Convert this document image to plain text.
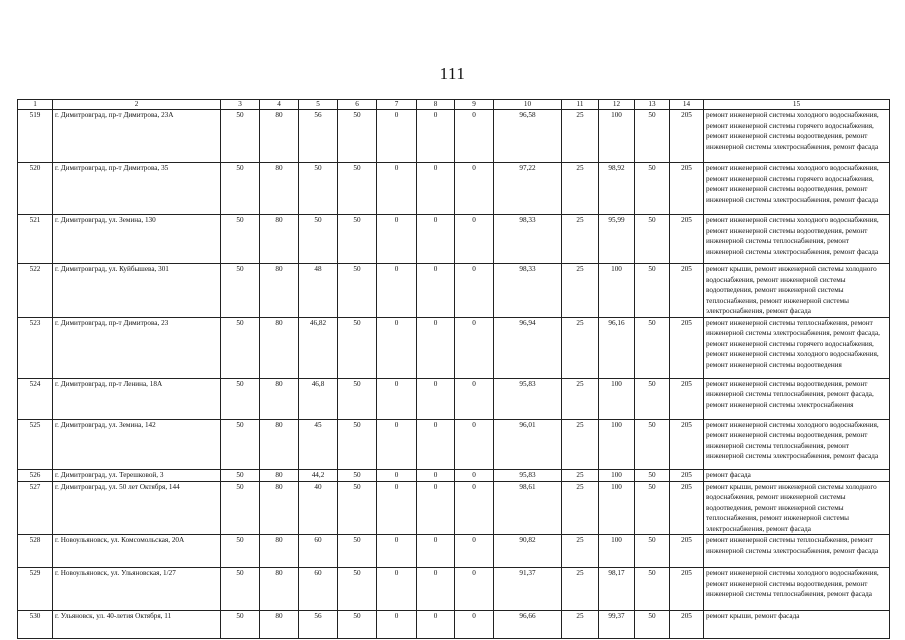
111
1	2	3	4	5	6	7	8	9	10	11	12	13	14	15
519	г. Димитровград, пр-т Димитрова, 23А	50	80	56	50	0	0	0	96,58	25	100	50	205	ремонт инженерной системы холодного водоснабжения, ремонт инженерной системы горячего водоснабжения, ремонт инженерной системы водоотведения, ремонт инженерной системы электроснабжения, ремонт фасада
520	г. Димитровград, пр-т Димитрова, 35	50	80	50	50	0	0	0	97,22	25	98,92	50	205	ремонт инженерной системы холодного водоснабжения, ремонт инженерной системы горячего водоснабжения, ремонт инженерной системы водоотведения, ремонт инженерной системы электроснабжения, ремонт фасада
521	г. Димитровград, ул. Земина, 130	50	80	50	50	0	0	0	98,33	25	95,99	50	205	ремонт инженерной системы холодного водоснабжения, ремонт инженерной системы водоотведения, ремонт инженерной системы теплоснабжения, ремонт инженерной системы электроснабжения, ремонт фасада
522	г. Димитровград, ул. Куйбышева, 301	50	80	48	50	0	0	0	98,33	25	100	50	205	ремонт крыши, ремонт инженерной системы холодного водоснабжения, ремонт инженерной системы водоотведения, ремонт инженерной системы теплоснабжения, ремонт инженерной системы электроснабжения, ремонт фасада
523	г. Димитровград, пр-т Димитрова, 23	50	80	46,82	50	0	0	0	96,94	25	96,16	50	205	ремонт инженерной системы теплоснабжения, ремонт инженерной системы электроснабжения, ремонт фасада, ремонт инженерной системы горячего водоснабжения, ремонт инженерной системы холодного водоснабжения, ремонт инженерной системы водоотведения
524	г. Димитровград, пр-т Ленина, 18А	50	80	46,8	50	0	0	0	95,83	25	100	50	205	ремонт инженерной системы водоотведения, ремонт инженерной системы теплоснабжения, ремонт фасада, ремонт инженерной системы электроснабжения
525	г. Димитровград, ул. Земина, 142	50	80	45	50	0	0	0	96,01	25	100	50	205	ремонт инженерной системы холодного водоснабжения, ремонт инженерной системы водоотведения, ремонт инженерной системы теплоснабжения, ремонт инженерной системы электроснабжения, ремонт фасада
526	г. Димитровград, ул. Терешковой, 3	50	80	44,2	50	0	0	0	95,83	25	100	50	205	ремонт фасада
527	г. Димитровград, ул. 50 лет Октября, 144	50	80	40	50	0	0	0	98,61	25	100	50	205	ремонт крыши, ремонт инженерной системы холодного водоснабжения, ремонт инженерной системы водоотведения, ремонт инженерной системы теплоснабжения, ремонт инженерной системы электроснабжения, ремонт фасада
528	г. Новоульяновск, ул. Комсомольская, 20А	50	80	60	50	0	0	0	90,82	25	100	50	205	ремонт инженерной системы теплоснабжения, ремонт инженерной системы электроснабжения, ремонт фасада
529	г. Новоульяновск, ул. Ульяновская, 1/27	50	80	60	50	0	0	0	91,37	25	98,17	50	205	ремонт инженерной системы холодного водоснабжения, ремонт инженерной системы водоотведения, ремонт инженерной системы теплоснабжения, ремонт фасада
530	г. Ульяновск, ул. 40-летия Октября, 11	50	80	56	50	0	0	0	96,66	25	99,37	50	205	ремонт крыши, ремонт фасада
